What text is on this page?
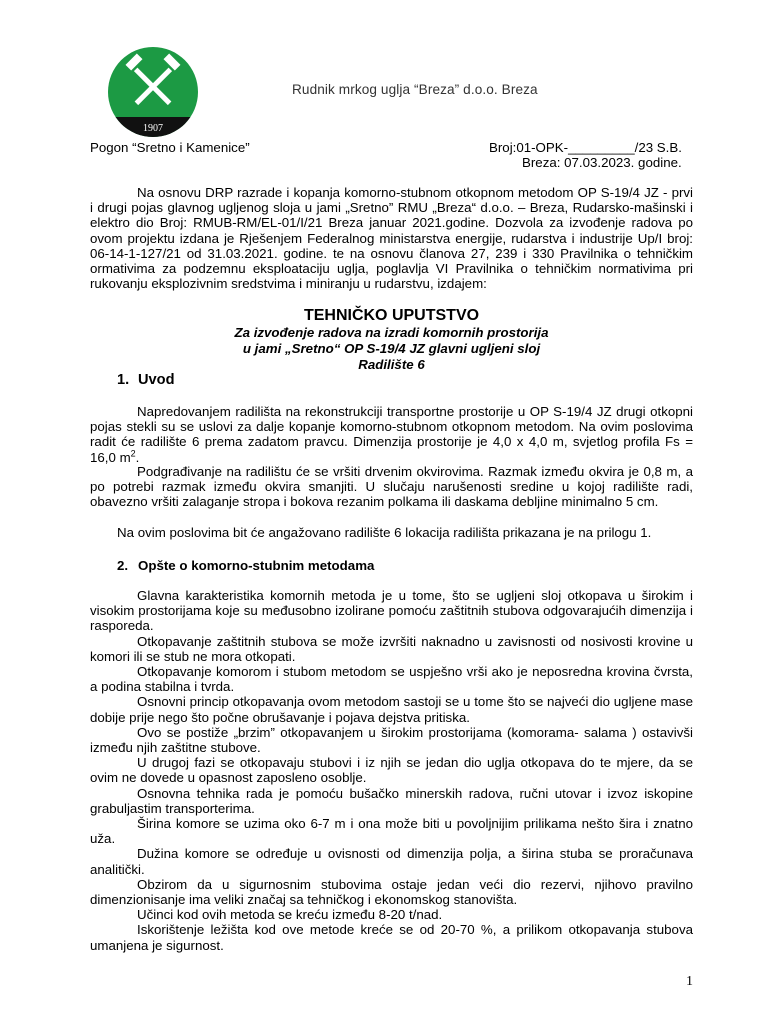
1907
Rudnik mrkog uglja “Breza” d.o.o. Breza
Pogon “Sretno i Kamenice”	Broj:01-OPK-_________/23 S.B.
Breza: 07.03.2023. godine.

Na osnovu DRP razrade i kopanja komorno-stubnom otkopnom metodom OP S-19/4 JZ - prvi i drugi pojas glavnog ugljenog sloja u jami „Sretno” RMU „Breza“ d.o.o. – Breza, Rudarsko-mašinski i elektro dio Broj: RMUB-RM/EL-01/I/21 Breza januar 2021.godine. Dozvola za izvođenje radova po ovom projektu izdana je Rješenjem Federalnog ministarstva energije, rudarstva i industrije Up/I broj: 06-14-1-127/21 od 31.03.2021. godine. te na osnovu članova 27, 239 i 330 Pravilnika o tehničkim ormativima za podzemnu eksploataciju uglja, poglavlja VI Pravilnika o tehničkim normativima pri rukovanju eksplozivnim sredstvima i miniranju u rudarstvu, izdajem:

TEHNIČKO UPUTSTVO
Za izvođenje radova na izradi komornih prostorija
u jami „Sretno“ OP S-19/4 JZ glavni ugljeni sloj
Radilište 6
1. Uvod

Napredovanjem radilišta na rekonstrukciji transportne prostorije u OP S-19/4 JZ drugi otkopni pojas stekli su se uslovi za dalje kopanje komorno-stubnom otkopnom metodom. Na ovim poslovima radit će radilište 6 prema zadatom pravcu. Dimenzija prostorije je 4,0 x 4,0 m, svjetlog profila Fs = 16,0 $m^2$.

Podgrađivanje na radilištu će se vršiti drvenim okvirovima. Razmak između okvira je 0,8 m, a po potrebi razmak između okvira smanjiti. U slučaju narušenosti sredine u kojoj radilište radi, obavezno vršiti zalaganje stropa i bokova rezanim polkama ili daskama debljine minimalno 5 cm.

Na ovim poslovima bit će angažovano radilište 6 lokacija radilišta prikazana je na prilogu 1.

2. Opšte o komorno-stubnim metodama

Glavna karakteristika komornih metoda je u tome, što se ugljeni sloj otkopava u širokim i visokim prostorijama koje su međusobno izolirane pomoću zaštitnih stubova odgovarajućih dimenzija i rasporeda.

Otkopavanje zaštitnih stubova se može izvršiti naknadno u zavisnosti od nosivosti krovine u komori ili se stub ne mora otkopati.

Otkopavanje komorom i stubom metodom se uspješno vrši ako je neposredna krovina čvrsta, a podina stabilna i tvrda.

Osnovni princip otkopavanja ovom metodom sastoji se u tome što se najveći dio ugljene mase dobije prije nego što počne obrušavanje i pojava dejstva pritiska.

Ovo se postiže „brzim” otkopavanjem u širokim prostorijama (komorama- salama ) ostavivši između njih zaštitne stubove.

U drugoj fazi se otkopavaju stubovi i iz njih se jedan dio uglja otkopava do te mjere, da se ovim ne dovede u opasnost zaposleno osoblje.

Osnovna tehnika rada je pomoću bušačko minerskih radova, ručni utovar i izvoz iskopine grabuljastim transporterima.

Širina komore se uzima oko 6-7 m i ona može biti u povoljnijim prilikama nešto šira i znatno uža.

Dužina komore se određuje u ovisnosti od dimenzija polja, a širina stuba se proračunava analitički.

Obzirom da u sigurnosnim stubovima ostaje jedan veći dio rezervi, njihovo pravilno dimenzionisanje ima veliki značaj sa tehničkog i ekonomskog stanovišta.

Učinci kod ovih metoda se kreću između 8-20 t/nad.

Iskorištenje ležišta kod ove metode kreće se od 20-70 %, a prilikom otkopavanja stubova umanjena je sigurnost.

1
